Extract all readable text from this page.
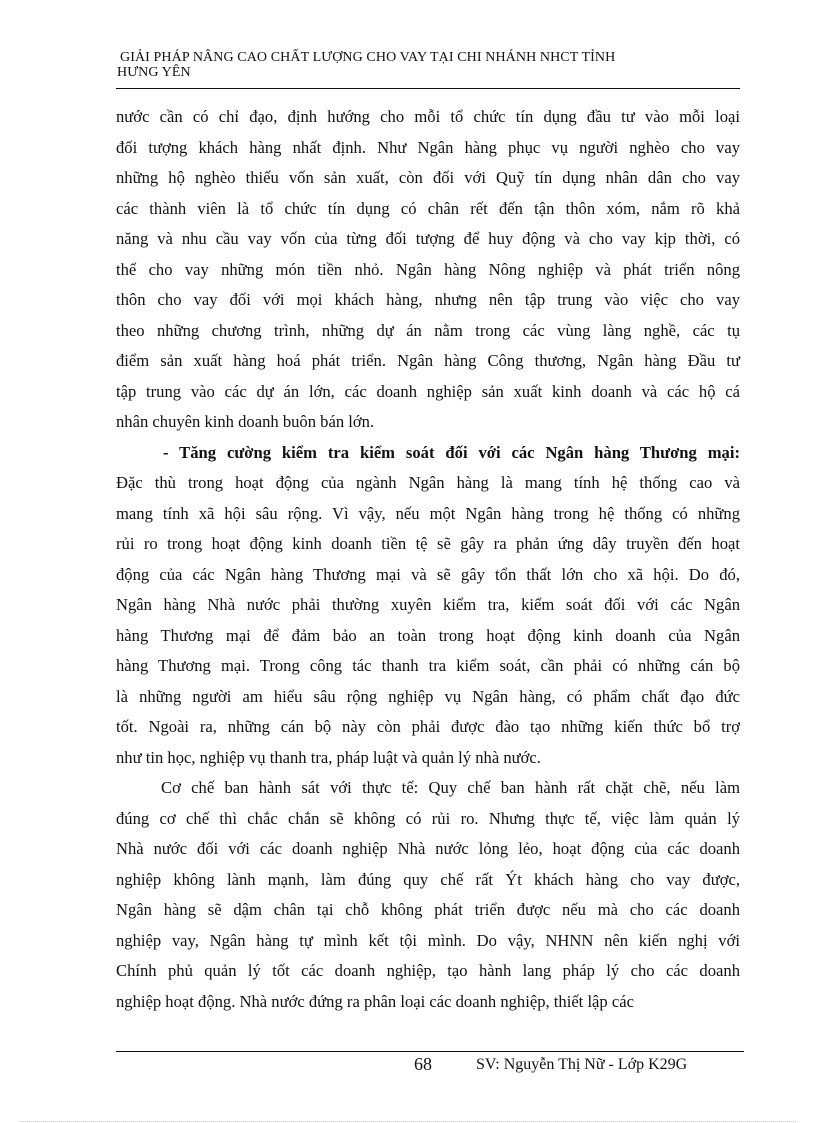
GIẢI PHÁP NÂNG CAO CHẤT LƯỢNG CHO VAY TẠI CHI NHÁNH NHCT TỈNH
HƯNG YÊN
nước cần có chỉ đạo, định hướng cho mỗi tổ chức tín dụng đầu tư vào mỗi loại
đối tượng khách hàng nhất định. Như Ngân hàng phục vụ người nghèo cho vay
những hộ nghèo thiếu vốn sản xuất, còn đối với Quỹ tín dụng nhân dân cho vay
các thành viên là tổ chức tín dụng có chân rết đến tận thôn xóm, nắm rõ khả
năng và nhu cầu vay vốn của từng đối tượng để huy động và cho vay kịp thời, có
thể cho vay những món tiền nhỏ. Ngân hàng Nông nghiệp và phát triển nông
thôn cho vay đối với mọi khách hàng, nhưng nên tập trung vào việc cho vay
theo những chương trình, những dự án nằm trong các vùng làng nghề, các tụ
điểm sản xuất hàng hoá phát triển. Ngân hàng Công thương, Ngân hàng Đầu tư
tập trung vào các dự án lớn, các doanh nghiệp sản xuất kinh doanh và các hộ cá
nhân chuyên kinh doanh buôn bán lớn.
- Tăng cường kiểm tra kiểm soát đối với các Ngân hàng Thương mại:
Đặc thù trong hoạt động của ngành Ngân hàng là mang tính hệ thống cao và
mang tính xã hội sâu rộng. Vì vậy, nếu một Ngân hàng trong hệ thống có những
rủi ro trong hoạt động kinh doanh tiền tệ sẽ gây ra phản ứng dây truyền đến hoạt
động của các Ngân hàng Thương mại và sẽ gây tổn thất lớn cho xã hội. Do đó,
Ngân hàng Nhà nước phải thường xuyên kiểm tra, kiểm soát đối với các Ngân
hàng Thương mại để đảm bảo an toàn trong hoạt động kinh doanh của Ngân
hàng Thương mại. Trong công tác thanh tra kiểm soát, cần phải có những cán bộ
là những người am hiểu sâu rộng nghiệp vụ Ngân hàng, có phẩm chất đạo đức
tốt. Ngoài ra, những cán bộ này còn phải được đào tạo những kiến thức bổ trợ
như tin học, nghiệp vụ thanh tra, pháp luật và quản lý nhà nước.
Cơ chế ban hành sát với thực tế: Quy chế ban hành rất chặt chẽ, nếu làm
đúng cơ chế thì chắc chắn sẽ không có rủi ro. Nhưng thực tế, việc làm quản lý
Nhà nước đối với các doanh nghiệp Nhà nước lỏng lẻo, hoạt động của các doanh
nghiệp không lành mạnh, làm đúng quy chế rất Ýt khách hàng cho vay được,
Ngân hàng sẽ dậm chân tại chỗ không phát triển được nếu mà cho các doanh
nghiệp vay, Ngân hàng tự mình kết tội mình. Do vậy, NHNN nên kiến nghị với
Chính phủ quản lý tốt các doanh nghiệp, tạo hành lang pháp lý cho các doanh
nghiệp hoạt động. Nhà nước đứng ra phân loại các doanh nghiệp, thiết lập các
68	SV: Nguyễn Thị Nữ - Lớp K29G
